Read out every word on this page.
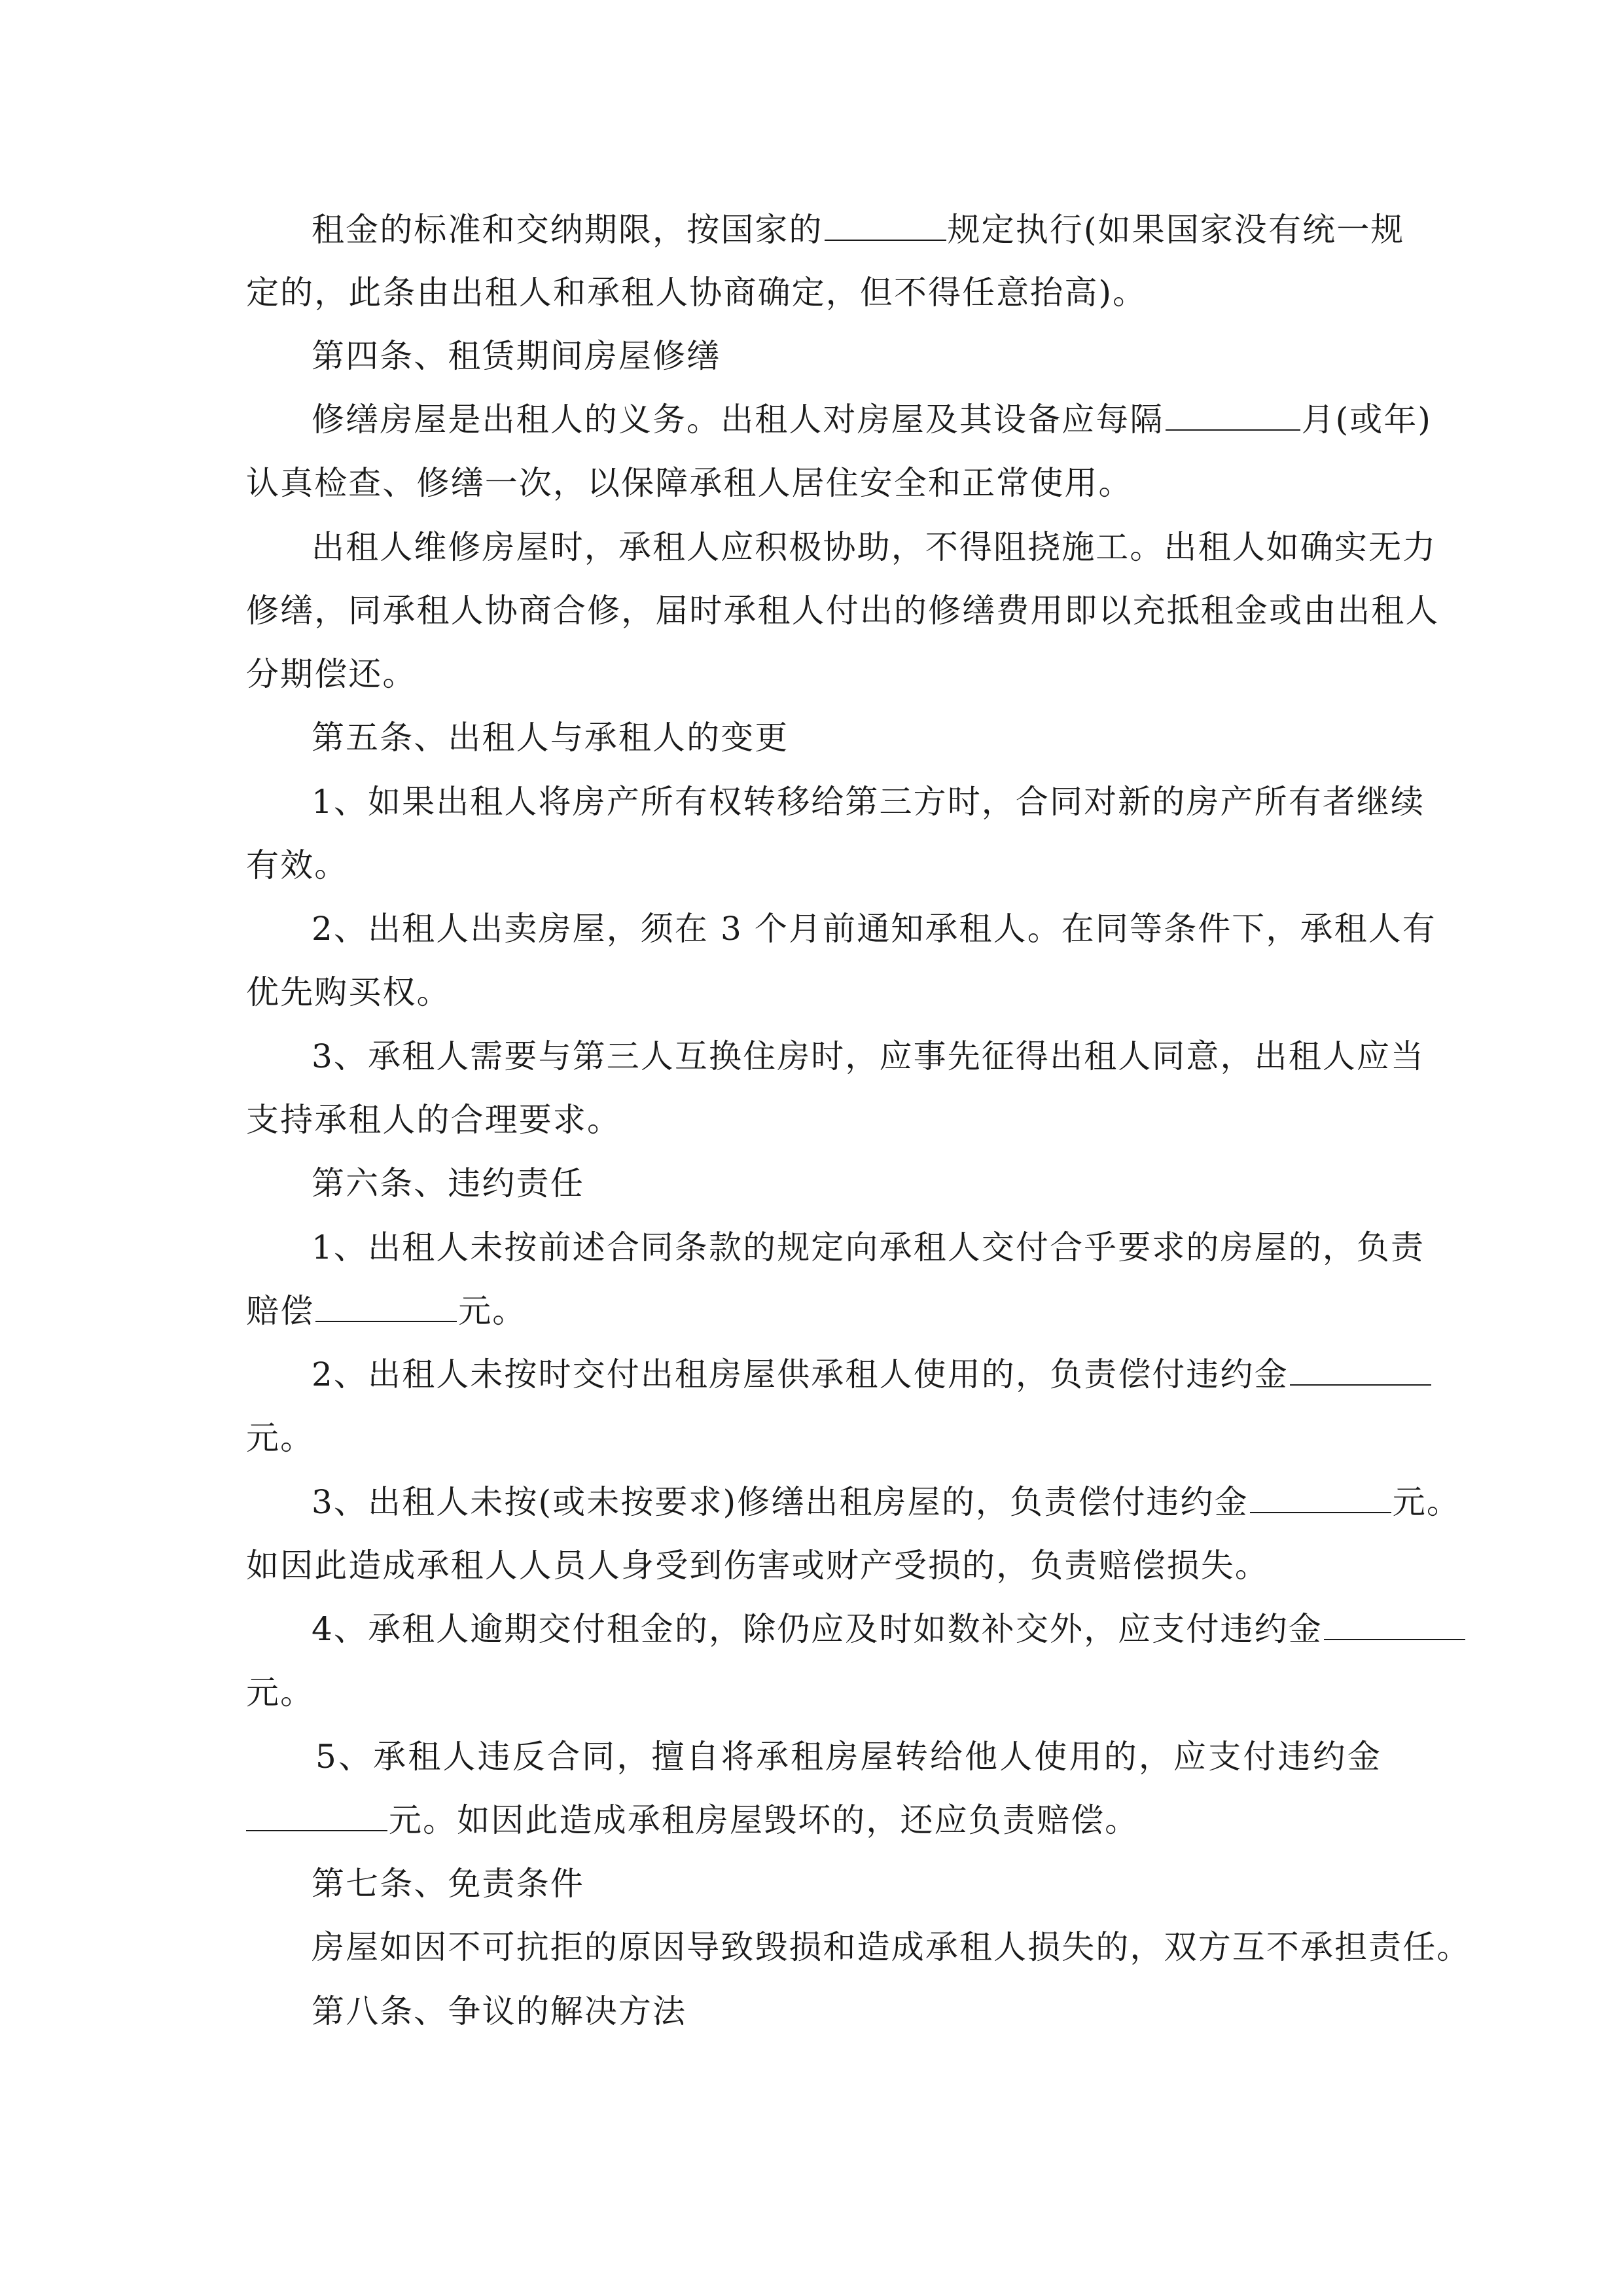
租金的标准和交纳期限，按国家的	规定执行(如果国家没有统一规
定的，此条由出租人和承租人协商确定，但不得任意抬高)。
第四条、租赁期间房屋修缮
修缮房屋是出租人的义务。出租人对房屋及其设备应每隔	月(或年)
认真检查、修缮一次，以保障承租人居住安全和正常使用。
出租人维修房屋时，承租人应积极协助，不得阻挠施工。出租人如确实无力
修缮，同承租人协商合修，届时承租人付出的修缮费用即以充抵租金或由出租人
分期偿还。
第五条、出租人与承租人的变更
1、如果出租人将房产所有权转移给第三方时，合同对新的房产所有者继续
有效。
2、出租人出卖房屋，须在 3 个月前通知承租人。在同等条件下，承租人有
优先购买权。
3、承租人需要与第三人互换住房时，应事先征得出租人同意，出租人应当
支持承租人的合理要求。
第六条、违约责任
1、出租人未按前述合同条款的规定向承租人交付合乎要求的房屋的，负责
赔偿	元。
2、出租人未按时交付出租房屋供承租人使用的，负责偿付违约金
元。
3、出租人未按(或未按要求)修缮出租房屋的，负责偿付违约金	元。
如因此造成承租人人员人身受到伤害或财产受损的，负责赔偿损失。
4、承租人逾期交付租金的，除仍应及时如数补交外，应支付违约金
元。
5、承租人违反合同，擅自将承租房屋转给他人使用的，应支付违约金
元。如因此造成承租房屋毁坏的，还应负责赔偿。
第七条、免责条件
房屋如因不可抗拒的原因导致毁损和造成承租人损失的，双方互不承担责任。
第八条、争议的解决方法
